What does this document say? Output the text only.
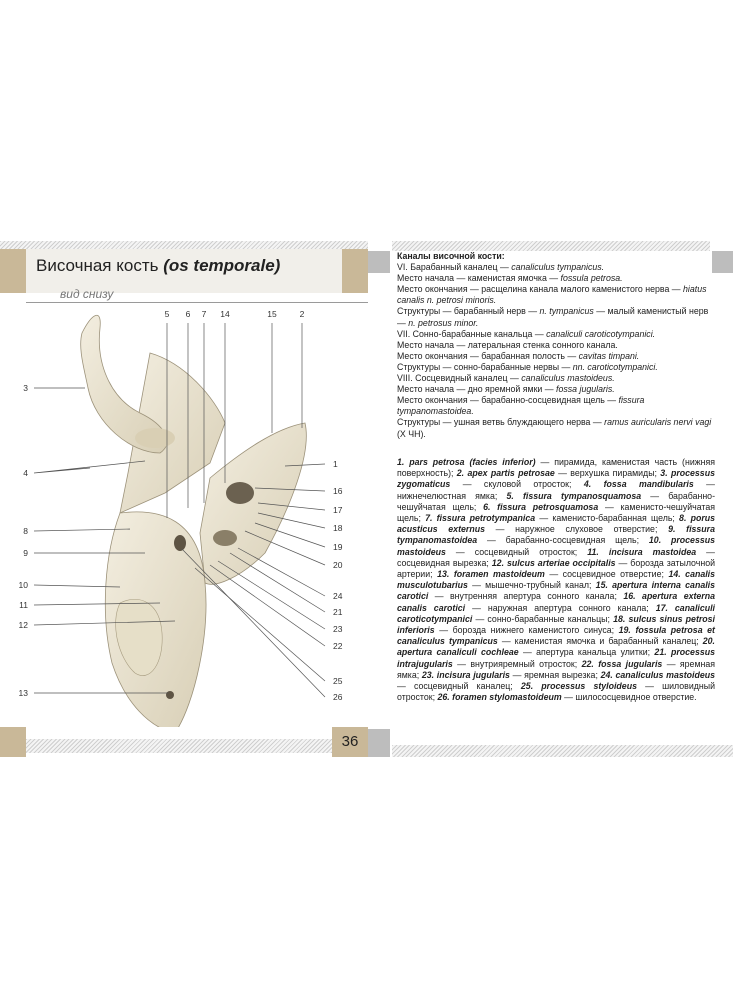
Височная кость (os temporale)
вид снизу
3
4
8
9
10
11
12
13
5 6 7 14	15	2
1
16
17
18
19
20
24
21
23
22
25
26
36

Каналы височной кости:

VI. Барабанный каналец — canaliculus tympanicus.

Место начала — каменистая ямочка — fossula petrosa.

Место окончания — расщелина канала малого каменистого нерва — hiatus canalis n. petrosi minoris.

Структуры — барабанный нерв — n. tympanicus — малый каменистый нерв — n. petrosus minor.

VII. Сонно-барабанные канальца — canaliculi caroticotympanici.

Место начала — латеральная стенка сонного канала.

Место окончания — барабанная полость — cavitas timpani.

Структуры — сонно-барабанные нервы — nn. caroticotympanici.

VIII. Сосцевидный каналец — canaliculus mastoideus.

Место начала — дно яремной ямки — fossa jugularis.

Место окончания — барабанно-сосцевидная щель — fissura tympanomastoidea.

Структуры — ушная ветвь блуждающего нерва — ramus auricularis nervi vagi (X ЧН).

1. pars petrosa (facies inferior) — пирамида, каменистая часть (нижняя поверхность); 2. apex partis petrosae — верхушка пирамиды; 3. processus zygomaticus — скуловой отросток; 4. fossa mandibularis — нижнечелюстная ямка; 5. fissura tympanosquamosa — барабанно-чешуйчатая щель; 6. fissura petrosquamosa — каменисто-чешуйчатая щель; 7. fissura petrotympanica — каменисто-барабанная щель; 8. porus acusticus externus — наружное слуховое отверстие; 9. fissura tympanomastoidea — барабанно-сосцевидная щель; 10. processus mastoideus — сосцевидный отросток; 11. incisura mastoidea — сосцевидная вырезка; 12. sulcus arteriae occipitalis — борозда затылочной артерии; 13. foramen mastoideum — сосцевидное отверстие; 14. canalis musculotubarius — мышечно-трубный канал; 15. apertura interna canalis carotici — внутренняя апертура сонного канала; 16. apertura externa canalis carotici — наружная апертура сонного канала; 17. canaliculi caroticotympanici — сонно-барабанные канальцы; 18. sulcus sinus petrosi inferioris — борозда нижнего каменистого синуса; 19. fossula petrosa et canaliculus tympanicus — каменистая ямочка и барабанный каналец; 20. apertura canaliculi cochleae — апертура канальца улитки; 21. processus intrajugularis — внутрияремный отросток; 22. fossa jugularis — яремная ямка; 23. incisura jugularis — яремная вырезка; 24. canaliculus mastoideus — сосцевидный каналец; 25. processus styloideus — шиловидный отросток; 26. foramen stylomastoideum — шилососцевидное отверстие.
